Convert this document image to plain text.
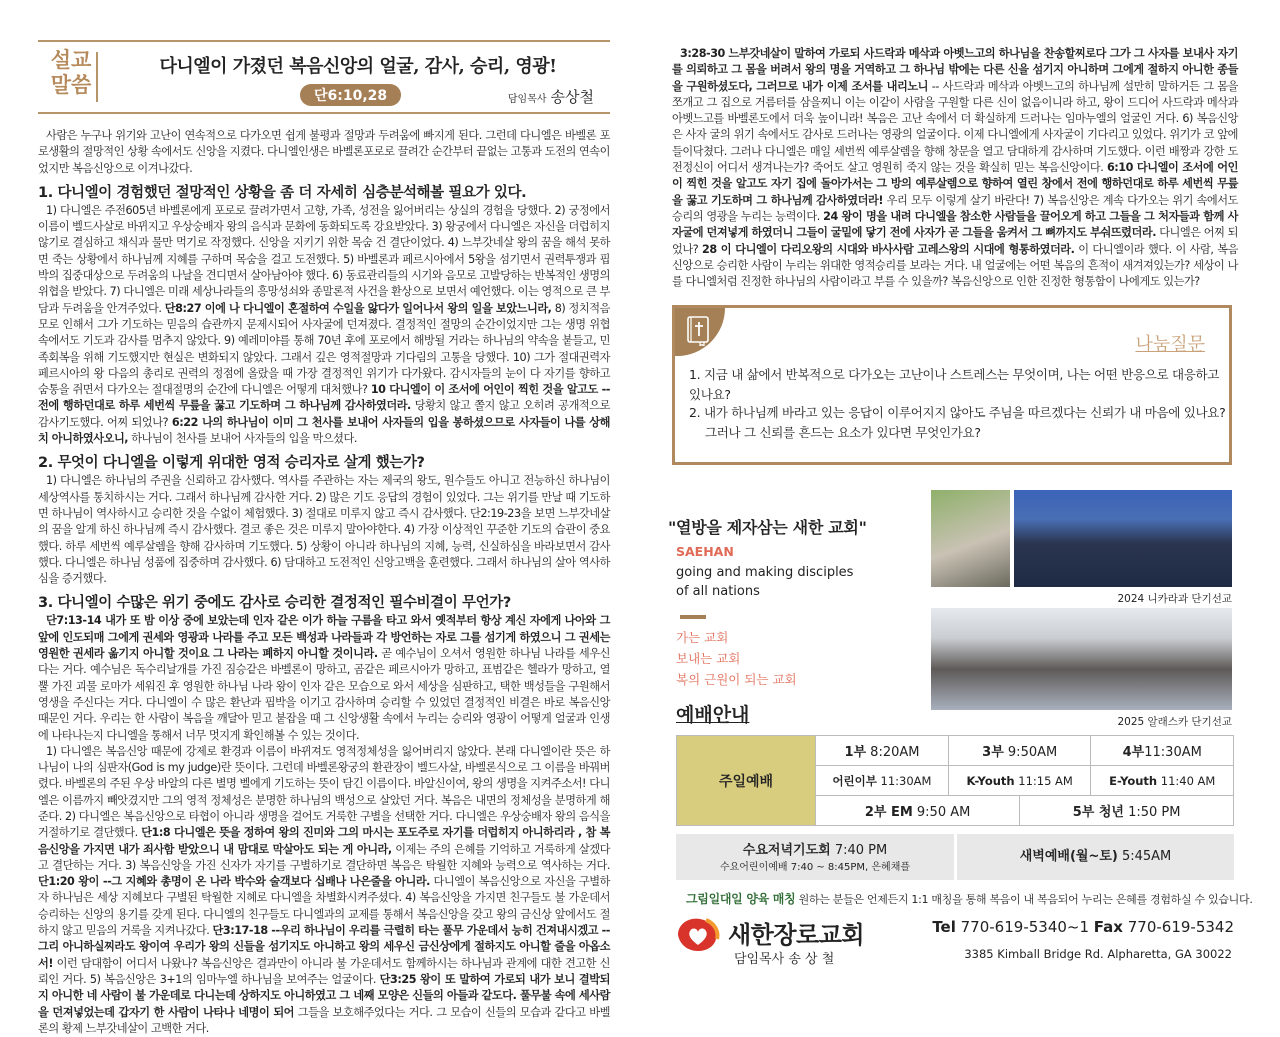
설교
말씀
다니엘이 가졌던 복음신앙의 얼굴, 감사, 승리, 영광!
단6:10,28	담임목사 송상철

사람은 누구나 위기와 고난이 연속적으로 다가오면 쉽게 불평과 절망과 두려움에 빠지게 된다. 그런데 다니엘은 바벨론 포로생활의 절망적인 상황 속에서도 신앙을 지켰다. 다니엘인생은 바벨론포로로 끌려간 순간부터 끝없는 고통과 도전의 연속이었지만 복음신앙으로 이겨나갔다.

1. 다니엘이 경험했던 절망적인 상황을 좀 더 자세히 심층분석해볼 필요가 있다.

1) 다니엘은 주전605년 바벨론에게 포로로 끌려가면서 고향, 가족, 성전을 잃어버리는 상실의 경험을 당했다. 2) 궁정에서 이름이 벨드사살로 바뀌지고 우상숭배자 왕의 음식과 문화에 동화되도록 강요받았다. 3) 왕궁에서 다니엘은 자신을 더럽히지 않기로 결심하고 채식과 물만 먹기로 작정했다. 신앙을 지키기 위한 목숨 건 결단이었다. 4) 느부갓네살 왕의 꿈을 해석 못하면 죽는 상황에서 하나님께 지혜를 구하며 목숨을 걸고 도전했다. 5) 바벨론과 페르시아에서 5왕을 섬기면서 권력투쟁과 핍박의 집중대상으로 두려움의 나날을 견디면서 살아남아야 했다. 6) 동료관리들의 시기와 음모로 고발당하는 반복적인 생명의 위협을 받았다. 7) 다니엘은 미래 세상나라들의 흥망성쇠와 종말론적 사건을 환상으로 보면서 예언했다. 이는 영적으로 큰 부담과 두려움을 안겨주었다. 단8:27 이에 나 다니엘이 혼절하여 수일을 앓다가 일어나서 왕의 일을 보았느니라, 8) 정치적음모로 인해서 그가 기도하는 믿음의 습관까지 문제시되어 사자굴에 던져졌다. 결정적인 절망의 순간이었지만 그는 생명 위협 속에서도 기도과 감사를 멈추지 않았다. 9) 예레미야를 통해 70년 후에 포로에서 해방될 거라는 하나님의 약속을 붙들고, 민족회복을 위해 기도했지만 현실은 변화되지 않았다. 그래서 깊은 영적절망과 기다림의 고통을 당했다. 10) 그가 절대권력자 페르시아의 왕 다음의 총리로 권력의 정점에 올랐을 때 가장 결정적인 위기가 다가왔다. 감시자들의 눈이 다 자기를 향하고 숨통을 쥐면서 다가오는 절대절명의 순간에 다니엘은 어떻게 대처했나? 10 다니엘이 이 조서에 어인이 찍힌 것을 알고도 -- 전에 행하던대로 하루 세번씩 무릎을 꿇고 기도하며 그 하나님께 감사하였더라. 당황치 않고 쫄지 않고 오히려 공개적으로 감사기도했다. 어찌 되었나? 6:22 나의 하나님이 이미 그 천사를 보내어 사자들의 입을 봉하셨으므로 사자들이 나를 상해치 아니하였사오니, 하나님이 천사를 보내어 사자들의 입을 막으셨다.

2. 무엇이 다니엘을 이렇게 위대한 영적 승리자로 살게 했는가?

1) 다니엘은 하나님의 주권을 신뢰하고 감사했다. 역사를 주관하는 자는 제국의 왕도, 원수들도 아니고 전능하신 하나님이 세상역사를 통치하시는 거다. 그래서 하나님께 감사한 거다. 2) 많은 기도 응답의 경험이 있었다. 그는 위기를 만날 때 기도하면 하나님이 역사하시고 승리한 것을 수없이 체험했다. 3) 절대로 미루지 않고 즉시 감사했다. 단2:19-23을 보면 느부갓네살의 꿈을 알게 하신 하나님께 즉시 감사했다. 결코 좋은 것은 미루지 말아야한다. 4) 가장 이상적인 꾸준한 기도의 습관이 중요했다. 하루 세번씩 예루살렘을 향해 감사하며 기도했다. 5) 상황이 아니라 하나님의 지혜, 능력, 신실하심을 바라보면서 감사했다. 다니엘은 하나님 성품에 집중하며 감사했다. 6) 담대하고 도전적인 신앙고백을 훈련했다. 그래서 하나님의 살아 역사하심을 증거했다.

3. 다니엘이 수많은 위기 중에도 감사로 승리한 결정적인 필수비결이 무언가?

단7:13-14 내가 또 밤 이상 중에 보았는데 인자 같은 이가 하늘 구름을 타고 와서 옛적부터 항상 계신 자에게 나아와 그앞에 인도되매 그에게 권세와 영광과 나라를 주고 모든 백성과 나라들과 각 방언하는 자로 그를 섬기게 하였으니 그 권세는 영원한 권세라 옮기지 아니할 것이요 그 나라는 폐하지 아니할 것이니라. 곧 예수님이 오셔서 영원한 하나님 나라를 세우신다는 거다. 예수님은 독수리날개를 가진 짐승같은 바벨론이 망하고, 곰같은 페르시아가 망하고, 표범같은 헬라가 망하고, 열뿔 가진 괴물 로마가 세워진 후 영원한 하나님 나라 왕이 인자 같은 모습으로 와서 세상을 심판하고, 택한 백성들을 구원해서 영생을 주신다는 거다. 다니엘이 수 많은 환난과 핍박을 이기고 감사하며 승리할 수 있었던 결정적인 비결은 바로 복음신앙 때문인 거다. 우리는 한 사람이 복음을 깨달아 믿고 붙잡을 때 그 신앙생활 속에서 누리는 승리와 영광이 어떻게 얼굴과 인생에 나타나는지 다니엘을 통해서 너무 멋지게 확인해볼 수 있는 것이다.

1) 다니엘은 복음신앙 때문에 강제로 환경과 이름이 바뀌져도 영적정체성을 잃어버리지 않았다. 본래 다니엘이란 뜻은 하나님이 나의 심판자(God is my judge)란 뜻이다. 그런데 바벨론왕궁의 환관장이 벨드사살, 바벨론식으로 그 이름을 바꿔버렸다. 바벨론의 주된 우상 바알의 다른 별명 벨에게 기도하는 뜻이 담긴 이름이다. 바알신이여, 왕의 생명을 지켜주소서! 다니엘은 이름까지 빼앗겼지만 그의 영적 정체성은 분명한 하나님의 백성으로 살았던 거다. 복음은 내면의 정체성을 분명하게 해준다. 2) 다니엘은 복음신앙으로 타협이 아니라 생명을 걸어도 거룩한 구별을 선택한 거다. 다니엘은 우상숭배자 왕의 음식을 거절하기로 결단했다. 단1:8 다니엘은 뜻을 정하여 왕의 진미와 그의 마시는 포도주로 자기를 더럽히지 아니하리라 , 참 복음신앙을 가지면 내가 죄사함 받았으니 내 맘대로 막살아도 되는 게 아니라, 이제는 주의 은혜를 기억하고 거룩하게 살겠다고 결단하는 거다. 3) 복음신앙을 가진 신자가 자기를 구별하기로 결단하면 복음은 탁월한 지혜와 능력으로 역사하는 거다. 단1:20 왕이 --그 지혜와 총명이 온 나라 박수와 술객보다 십배나 나은줄을 아니라. 다니엘이 복음신앙으로 자신을 구별하자 하나님은 세상 지혜보다 구별된 탁월한 지혜로 다니엘을 차별화시켜주셨다. 4) 복음신앙을 가지면 친구들도 불 가운데서 승리하는 신앙의 용기를 갖게 된다. 다니엘의 친구들도 다니엘과의 교제를 통해서 복음신앙을 갖고 왕의 금신상 앞에서도 절하지 않고 믿음의 거룩을 지켜나갔다. 단3:17-18 --우리 하나님이 우리를 극렬히 타는 풀무 가운데서 능히 건져내시겠고 --그리 아니하실찌라도 왕이여 우리가 왕의 신들을 섬기지도 아니하고 왕의 세우신 금신상에게 절하지도 아니할 줄을 아옵소서! 이런 담대함이 어디서 나왔나? 복음신앙은 결과만이 아니라 불 가운데서도 함께하시는 하나님과 관계에 대한 견고한 신뢰인 거다. 5) 복음신앙은 3+1의 임마누엘 하나님을 보여주는 얼굴이다. 단3:25 왕이 또 말하여 가로되 내가 보니 결박되지 아니한 네 사람이 불 가운데로 다니는데 상하지도 아니하였고 그 네째 모양은 신들의 아들과 같도다. 풀무불 속에 세사람을 던져넣었는데 갑자기 한 사람이 나타나 네명이 되어 그들을 보호해주었다는 거다. 그 모습이 신들의 모습과 같다고 바벨론의 황제 느부갓네살이 고백한 거다.

3:28-30 느부갓네살이 말하여 가로되 사드락과 메삭과 아벳느고의 하나님을 찬송할찌로다 그가 그 사자를 보내사 자기를 의뢰하고 그 몸을 버려서 왕의 명을 거역하고 그 하나님 밖에는 다른 신을 섬기지 아니하며 그에게 절하지 아니한 종들을 구원하셨도다, 그러므로 내가 이제 조서를 내리노니 -- 사드락과 메삭과 아벳느고의 하나님께 설만히 말하거든 그 몸을 쪼개고 그 집으로 거름터를 삼을찌니 이는 이같이 사람을 구원할 다른 신이 없음이니라 하고, 왕이 드디어 사드락과 메삭과 아벳느고를 바벨론도에서 더욱 높이니라! 복음은 고난 속에서 더 확실하게 드러나는 임마누엘의 얼굴인 거다. 6) 복음신앙은 사자 굴의 위기 속에서도 감사로 드러나는 영광의 얼굴이다. 이제 다니엘에게 사자굴이 기다리고 있었다. 위기가 코 앞에 들이닥쳤다. 그러나 다니엘은 매일 세번씩 예루살렘을 향해 창문을 열고 담대하게 감사하며 기도했다. 이런 배짱과 강한 도전정신이 어디서 생겨나는가? 죽어도 살고 영원히 죽지 않는 것을 확실히 믿는 복음신앙이다. 6:10 다니엘이 조서에 어인이 찍힌 것을 알고도 자기 집에 돌아가서는 그 방의 예루살렘으로 향하여 열린 창에서 전에 행하던대로 하루 세번씩 무릎을 꿇고 기도하며 그 하나님께 감사하였더라! 우리 모두 이렇게 살기 바란다! 7) 복음신앙은 계속 다가오는 위기 속에서도 승리의 영광을 누리는 능력이다. 24 왕이 명을 내려 다니엘을 참소한 사람들을 끌어오게 하고 그들을 그 처자들과 함께 사자굴에 던져넣게 하였더니 그들이 굴밑에 닿기 전에 사자가 곧 그들을 움켜서 그 뼈까지도 부숴뜨렸더라. 다니엘은 어찌 되었나? 28 이 다니엘이 다리오왕의 시대와 바사사람 고레스왕의 시대에 형통하였더라. 이 다니엘이라 했다. 이 사람, 복음신앙으로 승리한 사람이 누리는 위대한 영적승리를 보라는 거다. 내 얼굴에는 어떤 복음의 흔적이 새겨져있는가? 세상이 나를 다니엘처럼 진정한 하나님의 사람이라고 부를 수 있을까? 복음신앙으로 인한 진정한 형통함이 나에게도 있는가?

나눔질문
1. 지금 내 삶에서 반복적으로 다가오는 고난이나 스트레스는 무엇이며, 나는 어떤 반응으로 대응하고 있나요?
2. 내가 하나님께 바라고 있는 응답이 이루어지지 않아도 주님을 따르겠다는 신뢰가 내 마음에 있나요?
그러나 그 신뢰를 흔드는 요소가 있다면 무엇인가요?
"열방을 제자삼는 새한 교회"
SAEHAN
going and making disciples
of all nations
가는 교회
보내는 교회
복의 근원이 되는 교회
2024 니카라과 단기선교
2025 알래스카 단기선교
예배안내
주일예배	1부 8:20AM	3부 9:50AM		4부11:30AM
	어린이부 11:30AM	K-Youth 11:15 AM		E-Youth 11:40 AM
	2부 EM 9:50 AM		5부 청년 1:50 PM	
수요저녁기도회 7:40 PM
수요어린이예배 7:40 ~ 8:45PM, 은혜채플
새벽예배(월~토) 5:45AM
그림일대일 양육 매칭 원하는 분들은 언제든지 1:1 매칭을 통해 복음이 내 복음되어 누리는 은혜를 경험하실 수 있습니다.
새한장로교회
담임목사 송 상 철
Tel 770-619-5340~1 Fax 770-619-5342
3385 Kimball Bridge Rd. Alpharetta, GA 30022
